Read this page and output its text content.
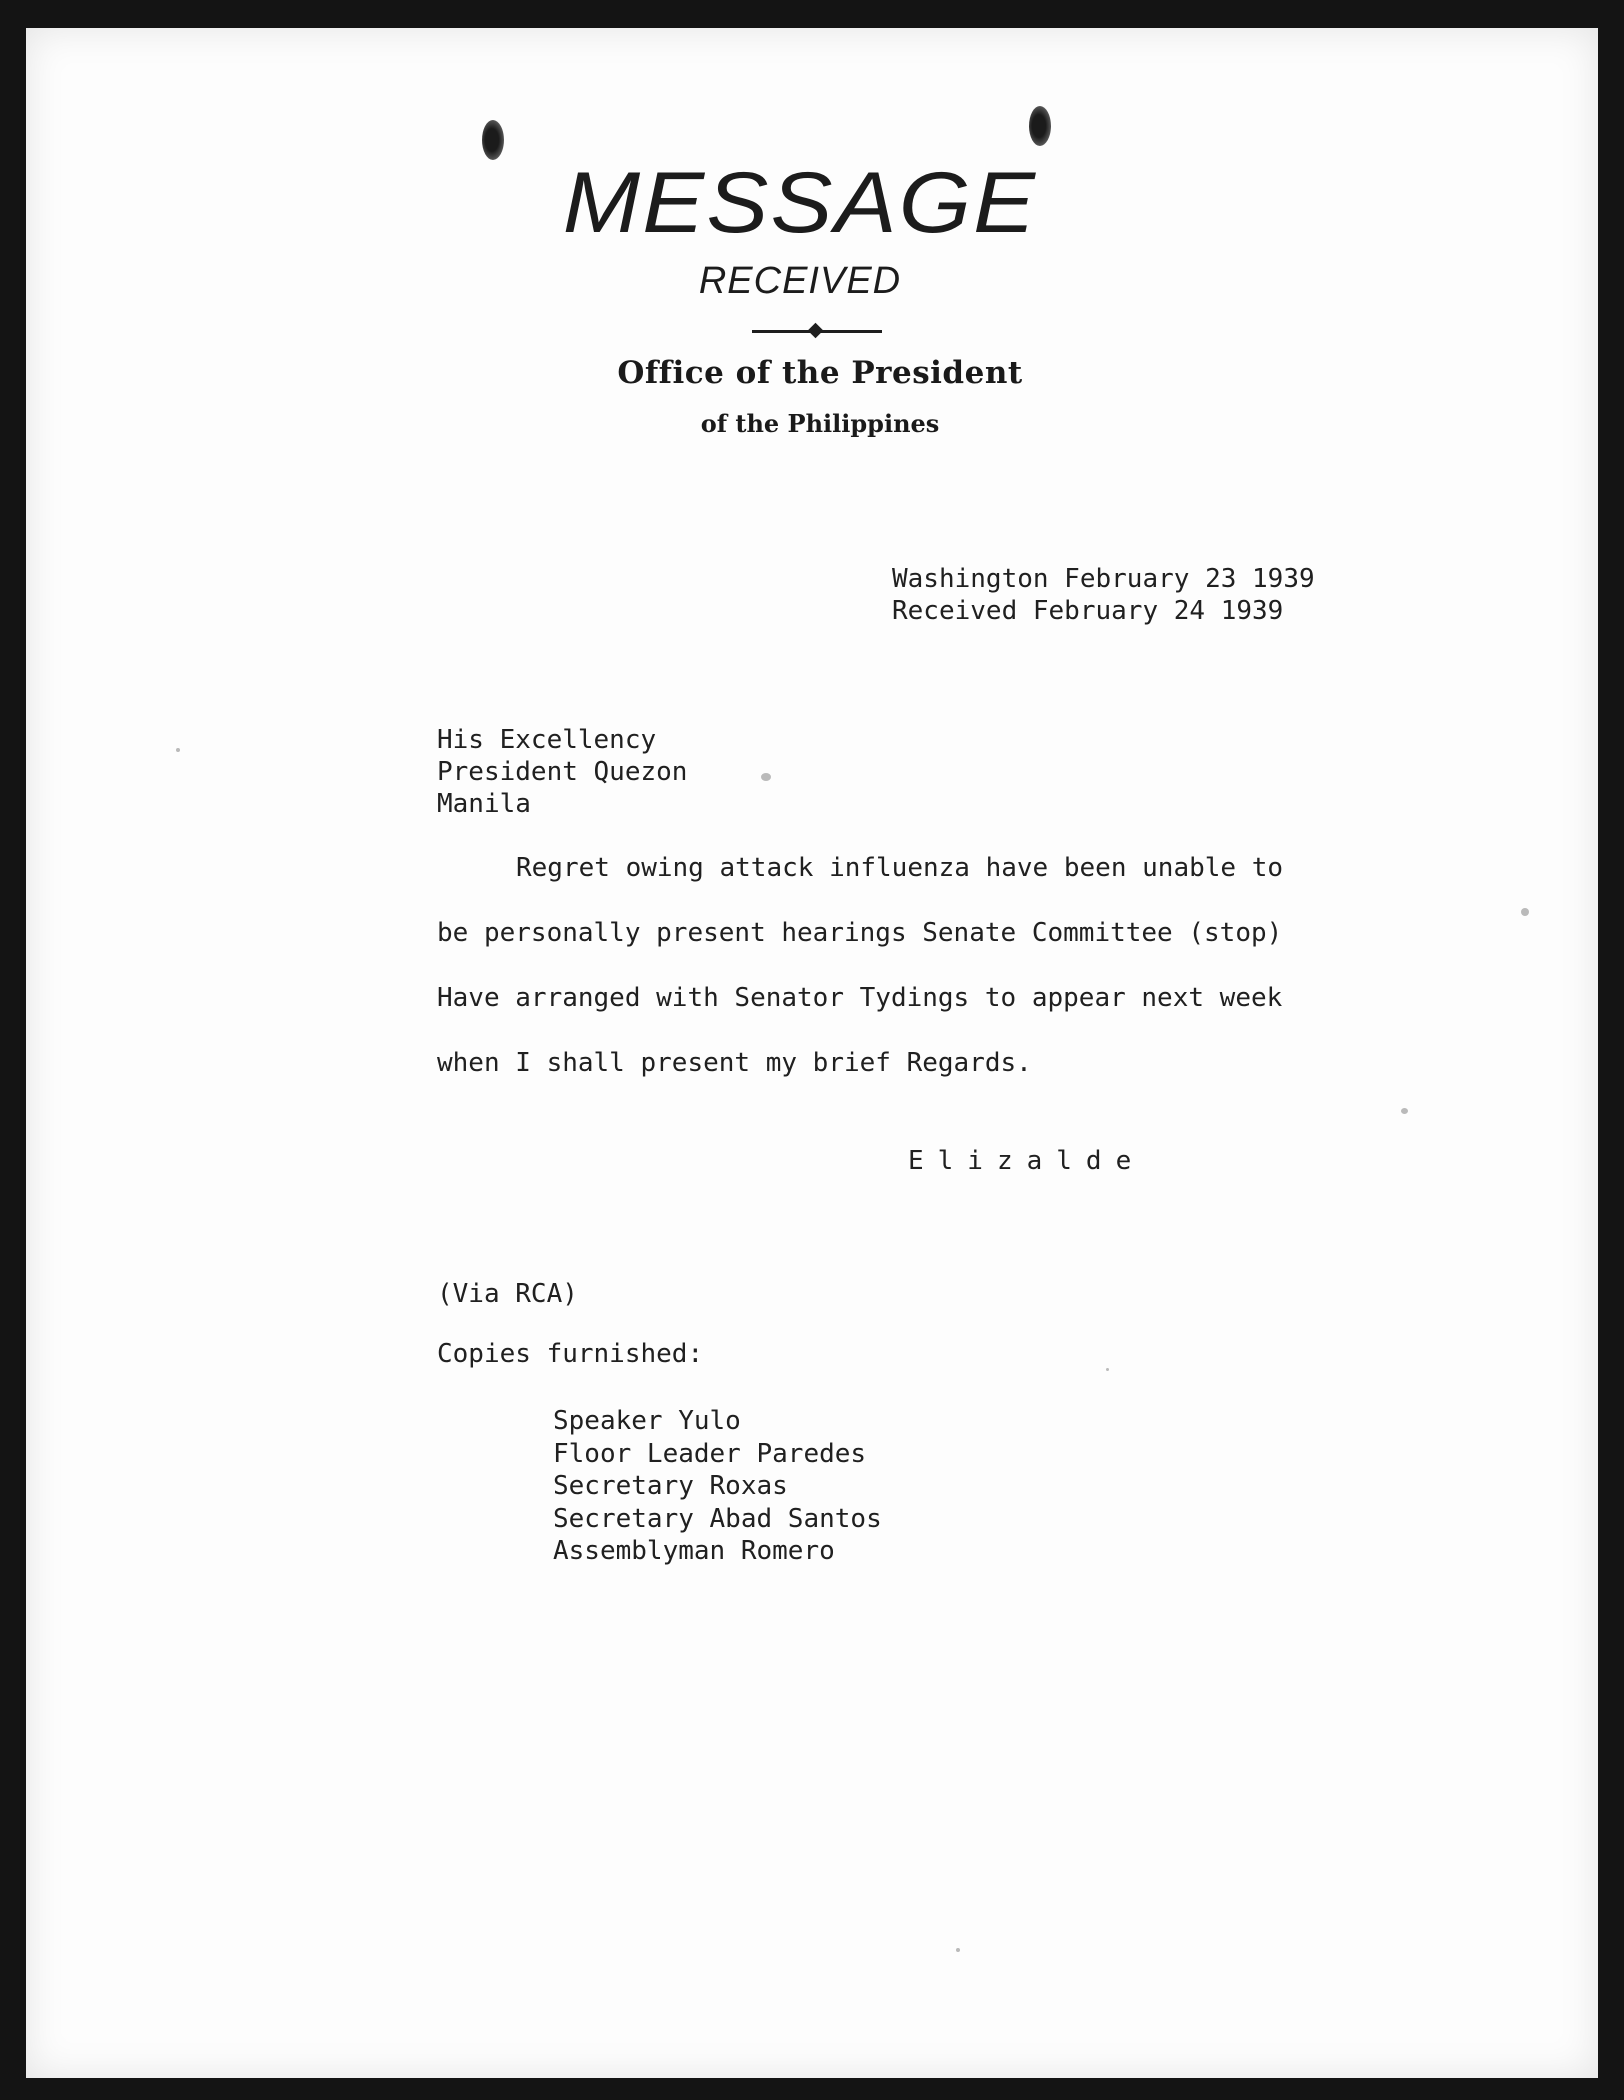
MESSAGE
RECEIVED
Office of the President
of the Philippines
Washington February 23 1939
Received February 24 1939
His Excellency
President Quezon
Manila
Regret owing attack influenza have been unable to
be personally present hearings Senate Committee (stop)
Have arranged with Senator Tydings to appear next week
when I shall present my brief Regards.
Elizalde
(Via RCA)
Copies furnished:
Speaker Yulo
Floor Leader Paredes
Secretary Roxas
Secretary Abad Santos
Assemblyman Romero
